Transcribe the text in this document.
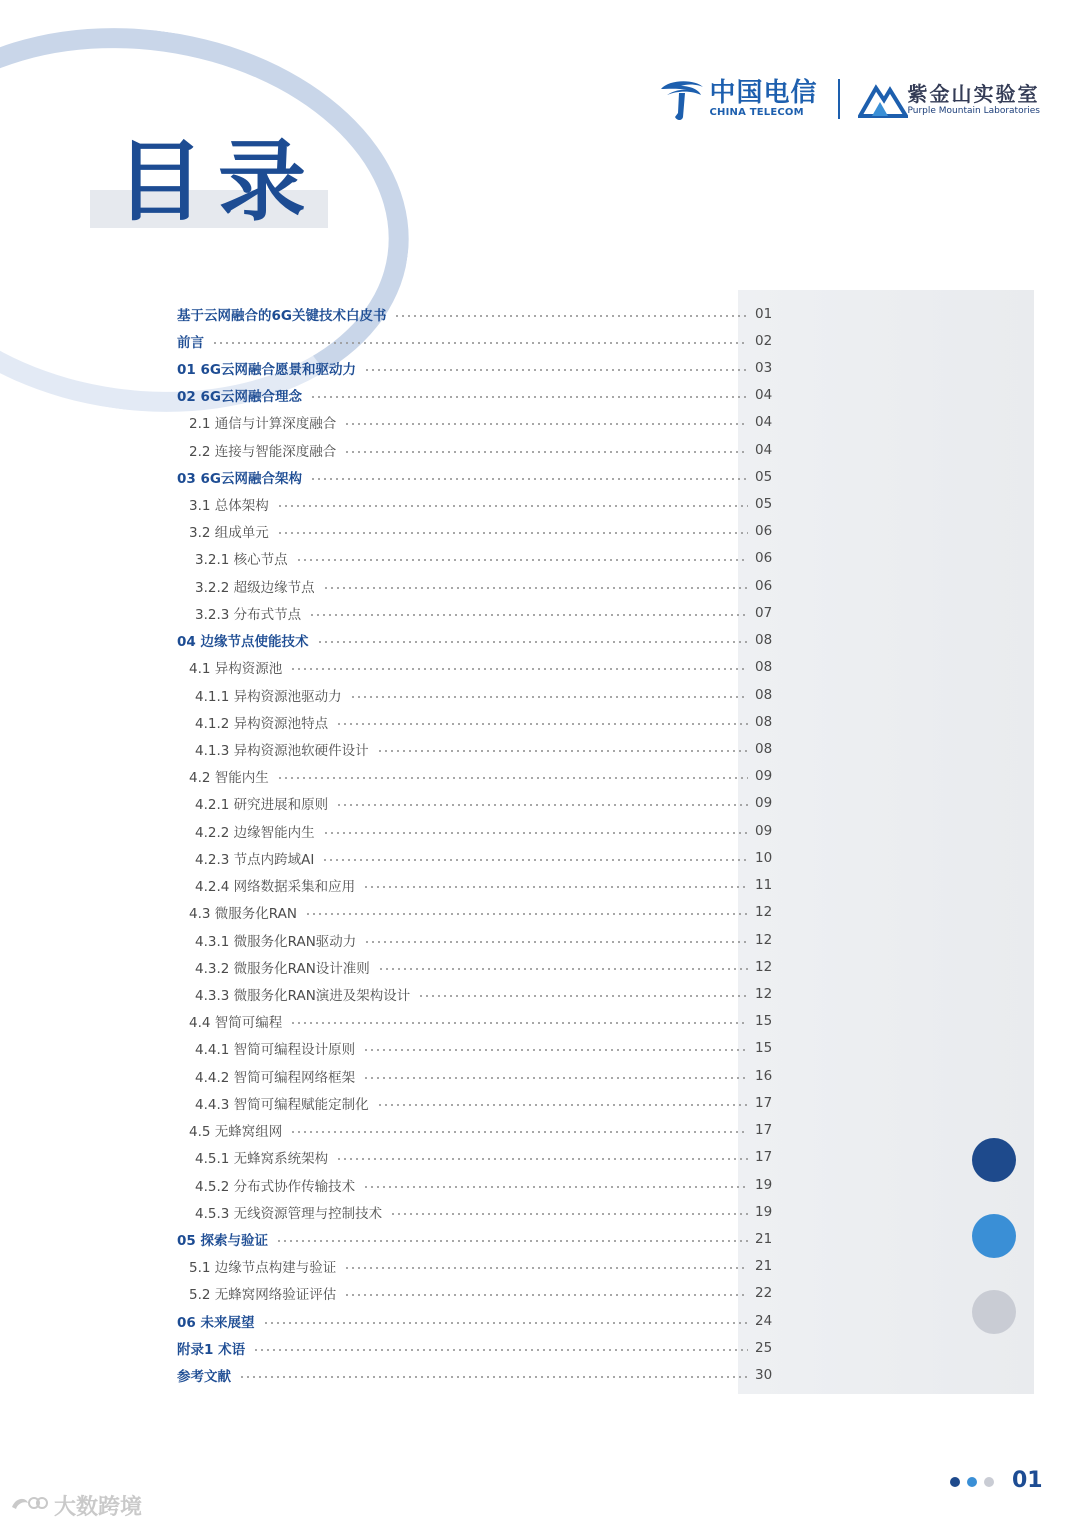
目录
中国电信
CHINA TELECOM
紫金山实验室
Purple Mountain Laboratories
基于云网融合的6G关键技术白皮书	01
前言	02
01 6G云网融合愿景和驱动力	03
02 6G云网融合理念	04
2.1 通信与计算深度融合	04
2.2 连接与智能深度融合	04
03 6G云网融合架构	05
3.1 总体架构	05
3.2 组成单元	06
3.2.1 核心节点	06
3.2.2 超级边缘节点	06
3.2.3 分布式节点	07
04 边缘节点使能技术	08
4.1 异构资源池	08
4.1.1 异构资源池驱动力	08
4.1.2 异构资源池特点	08
4.1.3 异构资源池软硬件设计	08
4.2 智能内生	09
4.2.1 研究进展和原则	09
4.2.2 边缘智能内生	09
4.2.3 节点内跨域AI	10
4.2.4 网络数据采集和应用	11
4.3 微服务化RAN	12
4.3.1 微服务化RAN驱动力	12
4.3.2 微服务化RAN设计准则	12
4.3.3 微服务化RAN演进及架构设计	12
4.4 智简可编程	15
4.4.1 智简可编程设计原则	15
4.4.2 智简可编程网络框架	16
4.4.3 智简可编程赋能定制化	17
4.5 无蜂窝组网	17
4.5.1 无蜂窝系统架构	17
4.5.2 分布式协作传输技术	19
4.5.3 无线资源管理与控制技术	19
05 探索与验证	21
5.1 边缘节点构建与验证	21
5.2 无蜂窝网络验证评估	22
06 未来展望	24
附录1 术语	25
参考文献	30
01
大数跨境
